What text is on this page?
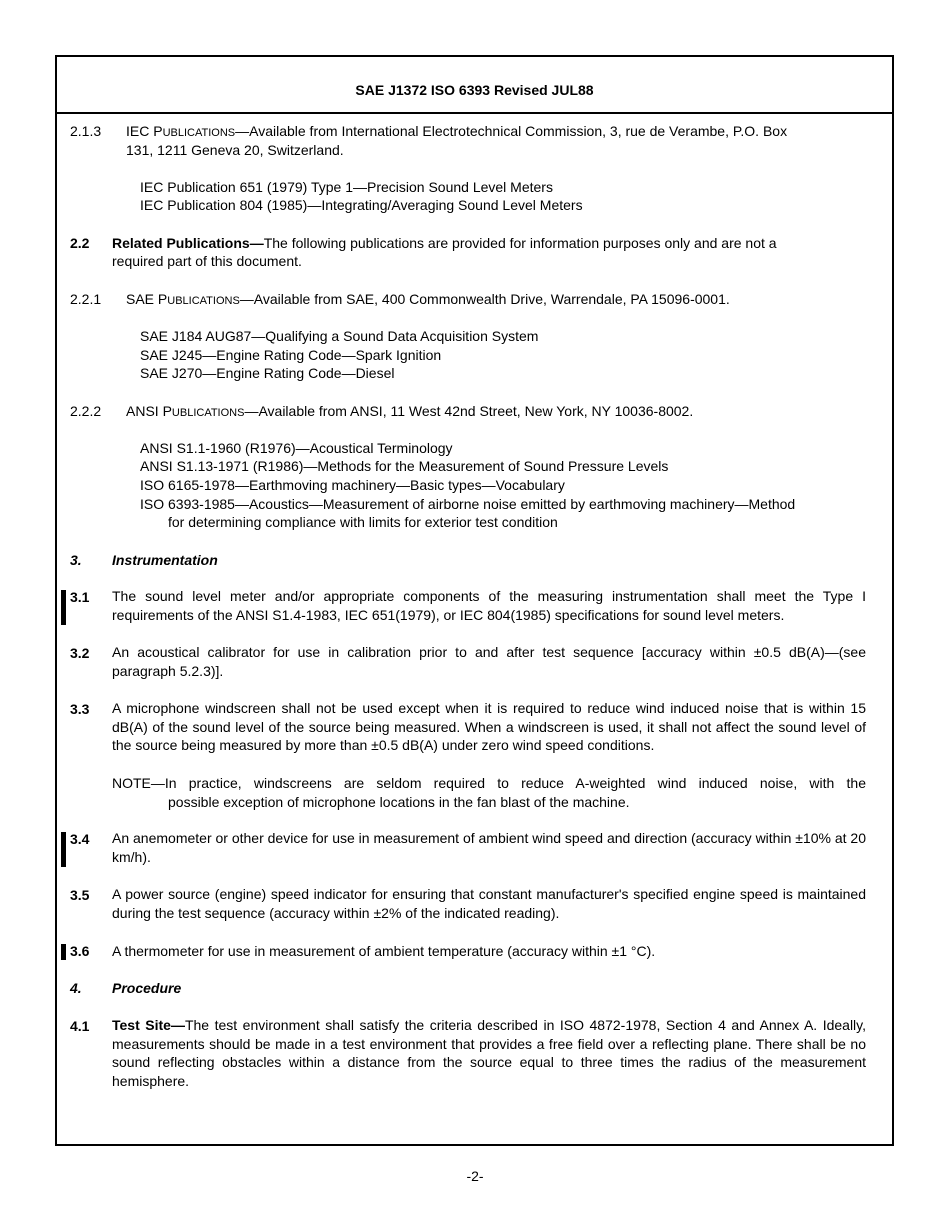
SAE J1372 ISO 6393 Revised JUL88
2.1.3 IEC PUBLICATIONS—Available from International Electrotechnical Commission, 3, rue de Verambe, P.O. Box
131, 1211 Geneva 20, Switzerland.
IEC Publication 651 (1979) Type 1—Precision Sound Level Meters
IEC Publication 804 (1985)—Integrating/Averaging Sound Level Meters
2.2 Related Publications—The following publications are provided for information purposes only and are not a
required part of this document.
2.2.1 SAE PUBLICATIONS—Available from SAE, 400 Commonwealth Drive, Warrendale, PA 15096-0001.
SAE J184 AUG87—Qualifying a Sound Data Acquisition System
SAE J245—Engine Rating Code—Spark Ignition
SAE J270—Engine Rating Code—Diesel
2.2.2 ANSI PUBLICATIONS—Available from ANSI, 11 West 42nd Street, New York, NY 10036-8002.
ANSI S1.1-1960 (R1976)—Acoustical Terminology
ANSI S1.13-1971 (R1986)—Methods for the Measurement of Sound Pressure Levels
ISO 6165-1978—Earthmoving machinery—Basic types—Vocabulary
ISO 6393-1985—Acoustics—Measurement of airborne noise emitted by earthmoving machinery—Method
for determining compliance with limits for exterior test condition
3. Instrumentation
3.1 The sound level meter and/or appropriate components of the measuring instrumentation shall meet the Type I requirements of the ANSI S1.4-1983, IEC 651(1979), or IEC 804(1985) specifications for sound level meters.
3.2 An acoustical calibrator for use in calibration prior to and after test sequence [accuracy within ±0.5 dB(A)—(see paragraph 5.2.3)].
3.3 A microphone windscreen shall not be used except when it is required to reduce wind induced noise that is within 15 dB(A) of the sound level of the source being measured. When a windscreen is used, it shall not affect the sound level of the source being measured by more than ±0.5 dB(A) under zero wind speed conditions.
NOTE—In practice, windscreens are seldom required to reduce A-weighted wind induced noise, with the
possible exception of microphone locations in the fan blast of the machine.
3.4 An anemometer or other device for use in measurement of ambient wind speed and direction (accuracy within ±10% at 20 km/h).
3.5 A power source (engine) speed indicator for ensuring that constant manufacturer's specified engine speed is maintained during the test sequence (accuracy within ±2% of the indicated reading).
3.6 A thermometer for use in measurement of ambient temperature (accuracy within ±1 °C).
4. Procedure
4.1 Test Site—The test environment shall satisfy the criteria described in ISO 4872-1978, Section 4 and Annex A. Ideally, measurements should be made in a test environment that provides a free field over a reflecting plane. There shall be no sound reflecting obstacles within a distance from the source equal to three times the radius of the measurement hemisphere.
-2-
